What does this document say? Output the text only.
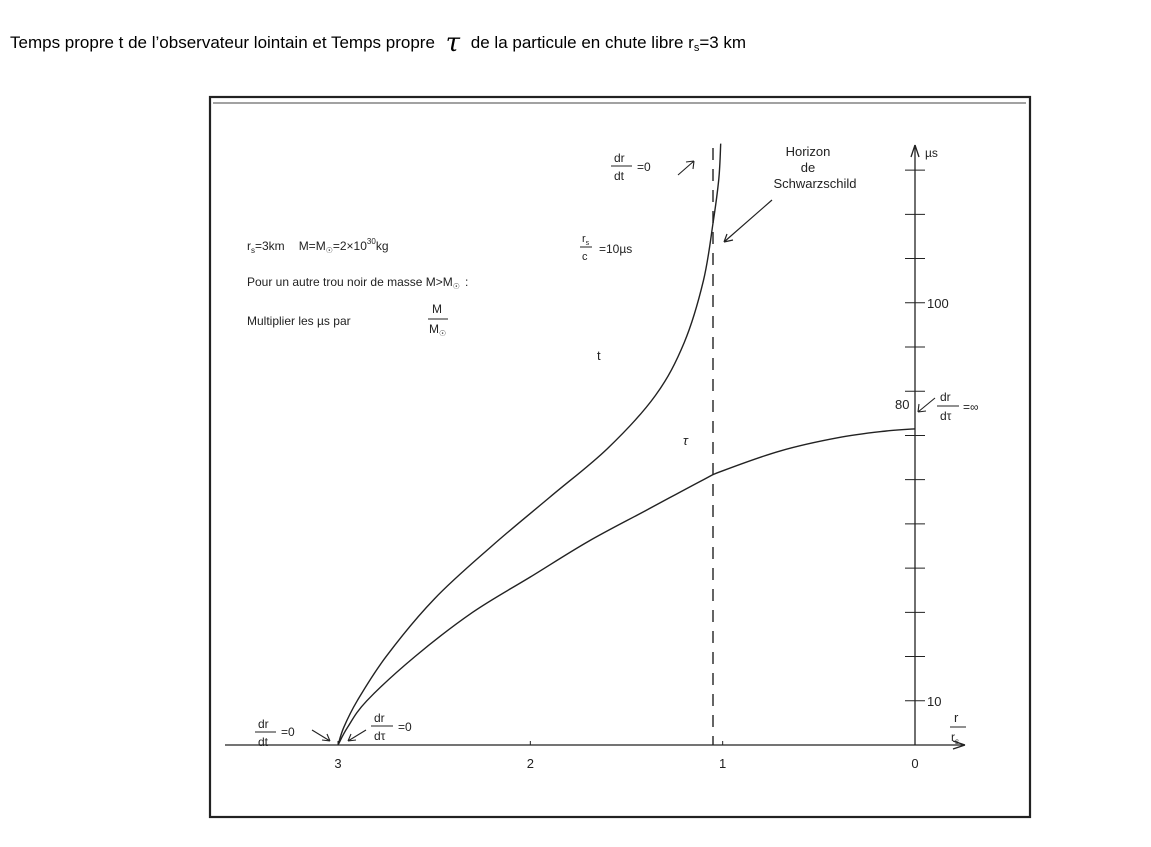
Temps propre t de l’observateur lointain et Temps propre τ de la particule en chute libre $r_s=3$ km
3	2	1	0
10
80
100
µs
r
$r_s$
t
τ
Horizon
de
Schwarzschild
dr
dt
=0
dr
dt
=0
dr
dτ
=0
dr
dτ
=∞
$r_s=3km$ $M=M_☉=2\times 10^{30}kg$	$r_s$
c
=10µs
Pour un autre trou noir de masse $M>M_☉$ :
Multiplier les µs par
M
$M_☉$
